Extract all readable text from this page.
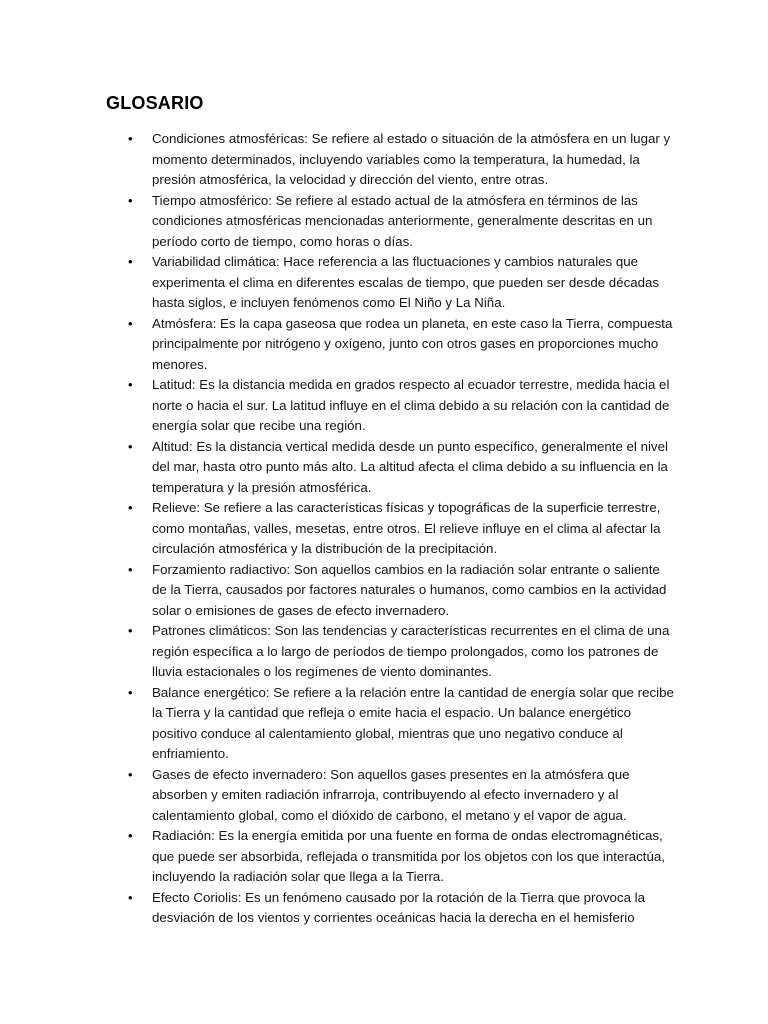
GLOSARIO
• Condiciones atmosféricas: Se refiere al estado o situación de la atmósfera en un lugar y momento determinados, incluyendo variables como la temperatura, la humedad, la presión atmosférica, la velocidad y dirección del viento, entre otras.
• Tiempo atmosférico: Se refiere al estado actual de la atmósfera en términos de las condiciones atmosféricas mencionadas anteriormente, generalmente descritas en un período corto de tiempo, como horas o días.
• Variabilidad climática: Hace referencia a las fluctuaciones y cambios naturales que experimenta el clima en diferentes escalas de tiempo, que pueden ser desde décadas hasta siglos, e incluyen fenómenos como El Niño y La Niña.
• Atmósfera: Es la capa gaseosa que rodea un planeta, en este caso la Tierra, compuesta principalmente por nitrógeno y oxígeno, junto con otros gases en proporciones mucho menores.
• Latitud: Es la distancia medida en grados respecto al ecuador terrestre, medida hacia el norte o hacia el sur. La latitud influye en el clima debido a su relación con la cantidad de energía solar que recibe una región.
• Altitud: Es la distancia vertical medida desde un punto específico, generalmente el nivel del mar, hasta otro punto más alto. La altitud afecta el clima debido a su influencia en la temperatura y la presión atmosférica.
• Relieve: Se refiere a las características físicas y topográficas de la superficie terrestre, como montañas, valles, mesetas, entre otros. El relieve influye en el clima al afectar la circulación atmosférica y la distribución de la precipitación.
• Forzamiento radiactivo: Son aquellos cambios en la radiación solar entrante o saliente de la Tierra, causados por factores naturales o humanos, como cambios en la actividad solar o emisiones de gases de efecto invernadero.
• Patrones climáticos: Son las tendencias y características recurrentes en el clima de una región específica a lo largo de períodos de tiempo prolongados, como los patrones de lluvia estacionales o los regímenes de viento dominantes.
• Balance energético: Se refiere a la relación entre la cantidad de energía solar que recibe la Tierra y la cantidad que refleja o emite hacia el espacio. Un balance energético positivo conduce al calentamiento global, mientras que uno negativo conduce al enfriamiento.
• Gases de efecto invernadero: Son aquellos gases presentes en la atmósfera que absorben y emiten radiación infrarroja, contribuyendo al efecto invernadero y al calentamiento global, como el dióxido de carbono, el metano y el vapor de agua.
• Radiación: Es la energía emitida por una fuente en forma de ondas electromagnéticas, que puede ser absorbida, reflejada o transmitida por los objetos con los que interactúa, incluyendo la radiación solar que llega a la Tierra.
• Efecto Coriolis: Es un fenómeno causado por la rotación de la Tierra que provoca la desviación de los vientos y corrientes oceánicas hacia la derecha en el hemisferio
